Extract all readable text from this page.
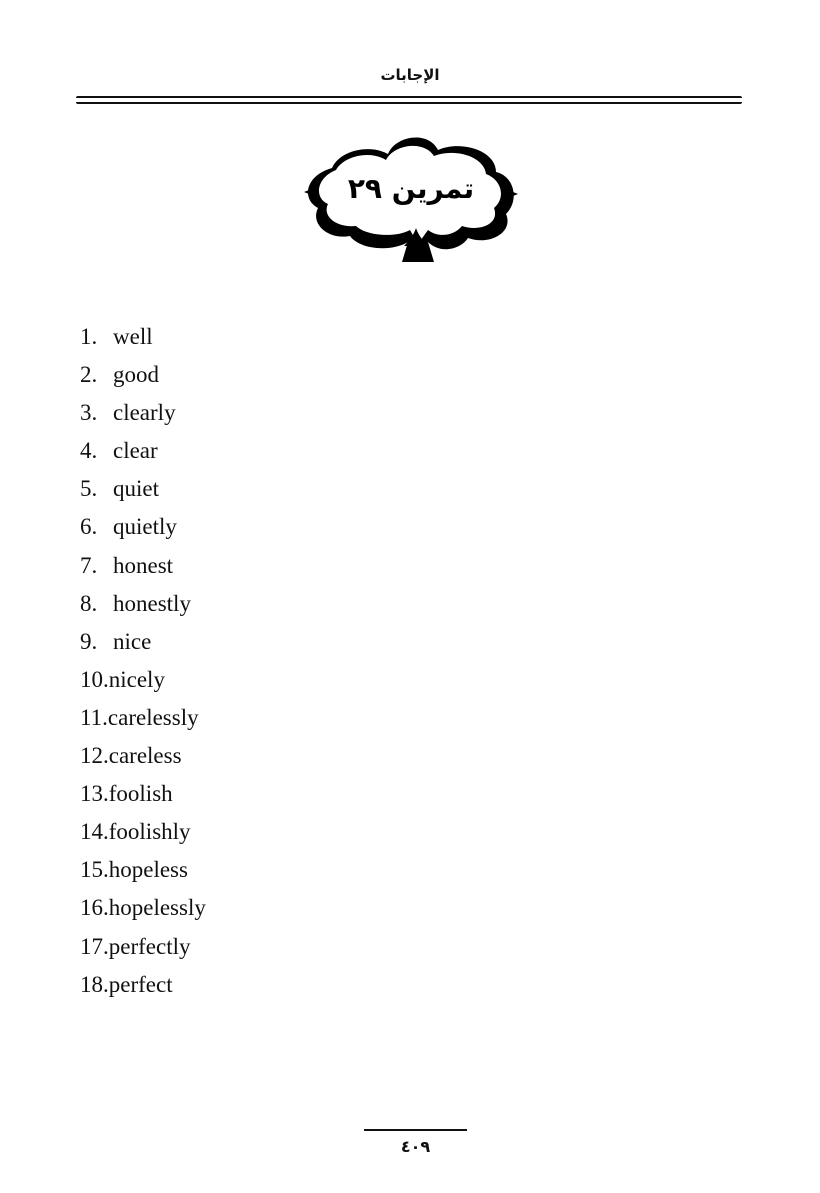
الإجابات
تمرين ٢٩
1. well
2. good
3. clearly
4. clear
5. quiet
6. quietly
7. honest
8. honestly
9. nice
10.nicely
11.carelessly
12.careless
13.foolish
14.foolishly
15.hopeless
16.hopelessly
17.perfectly
18.perfect
٤٠٩
